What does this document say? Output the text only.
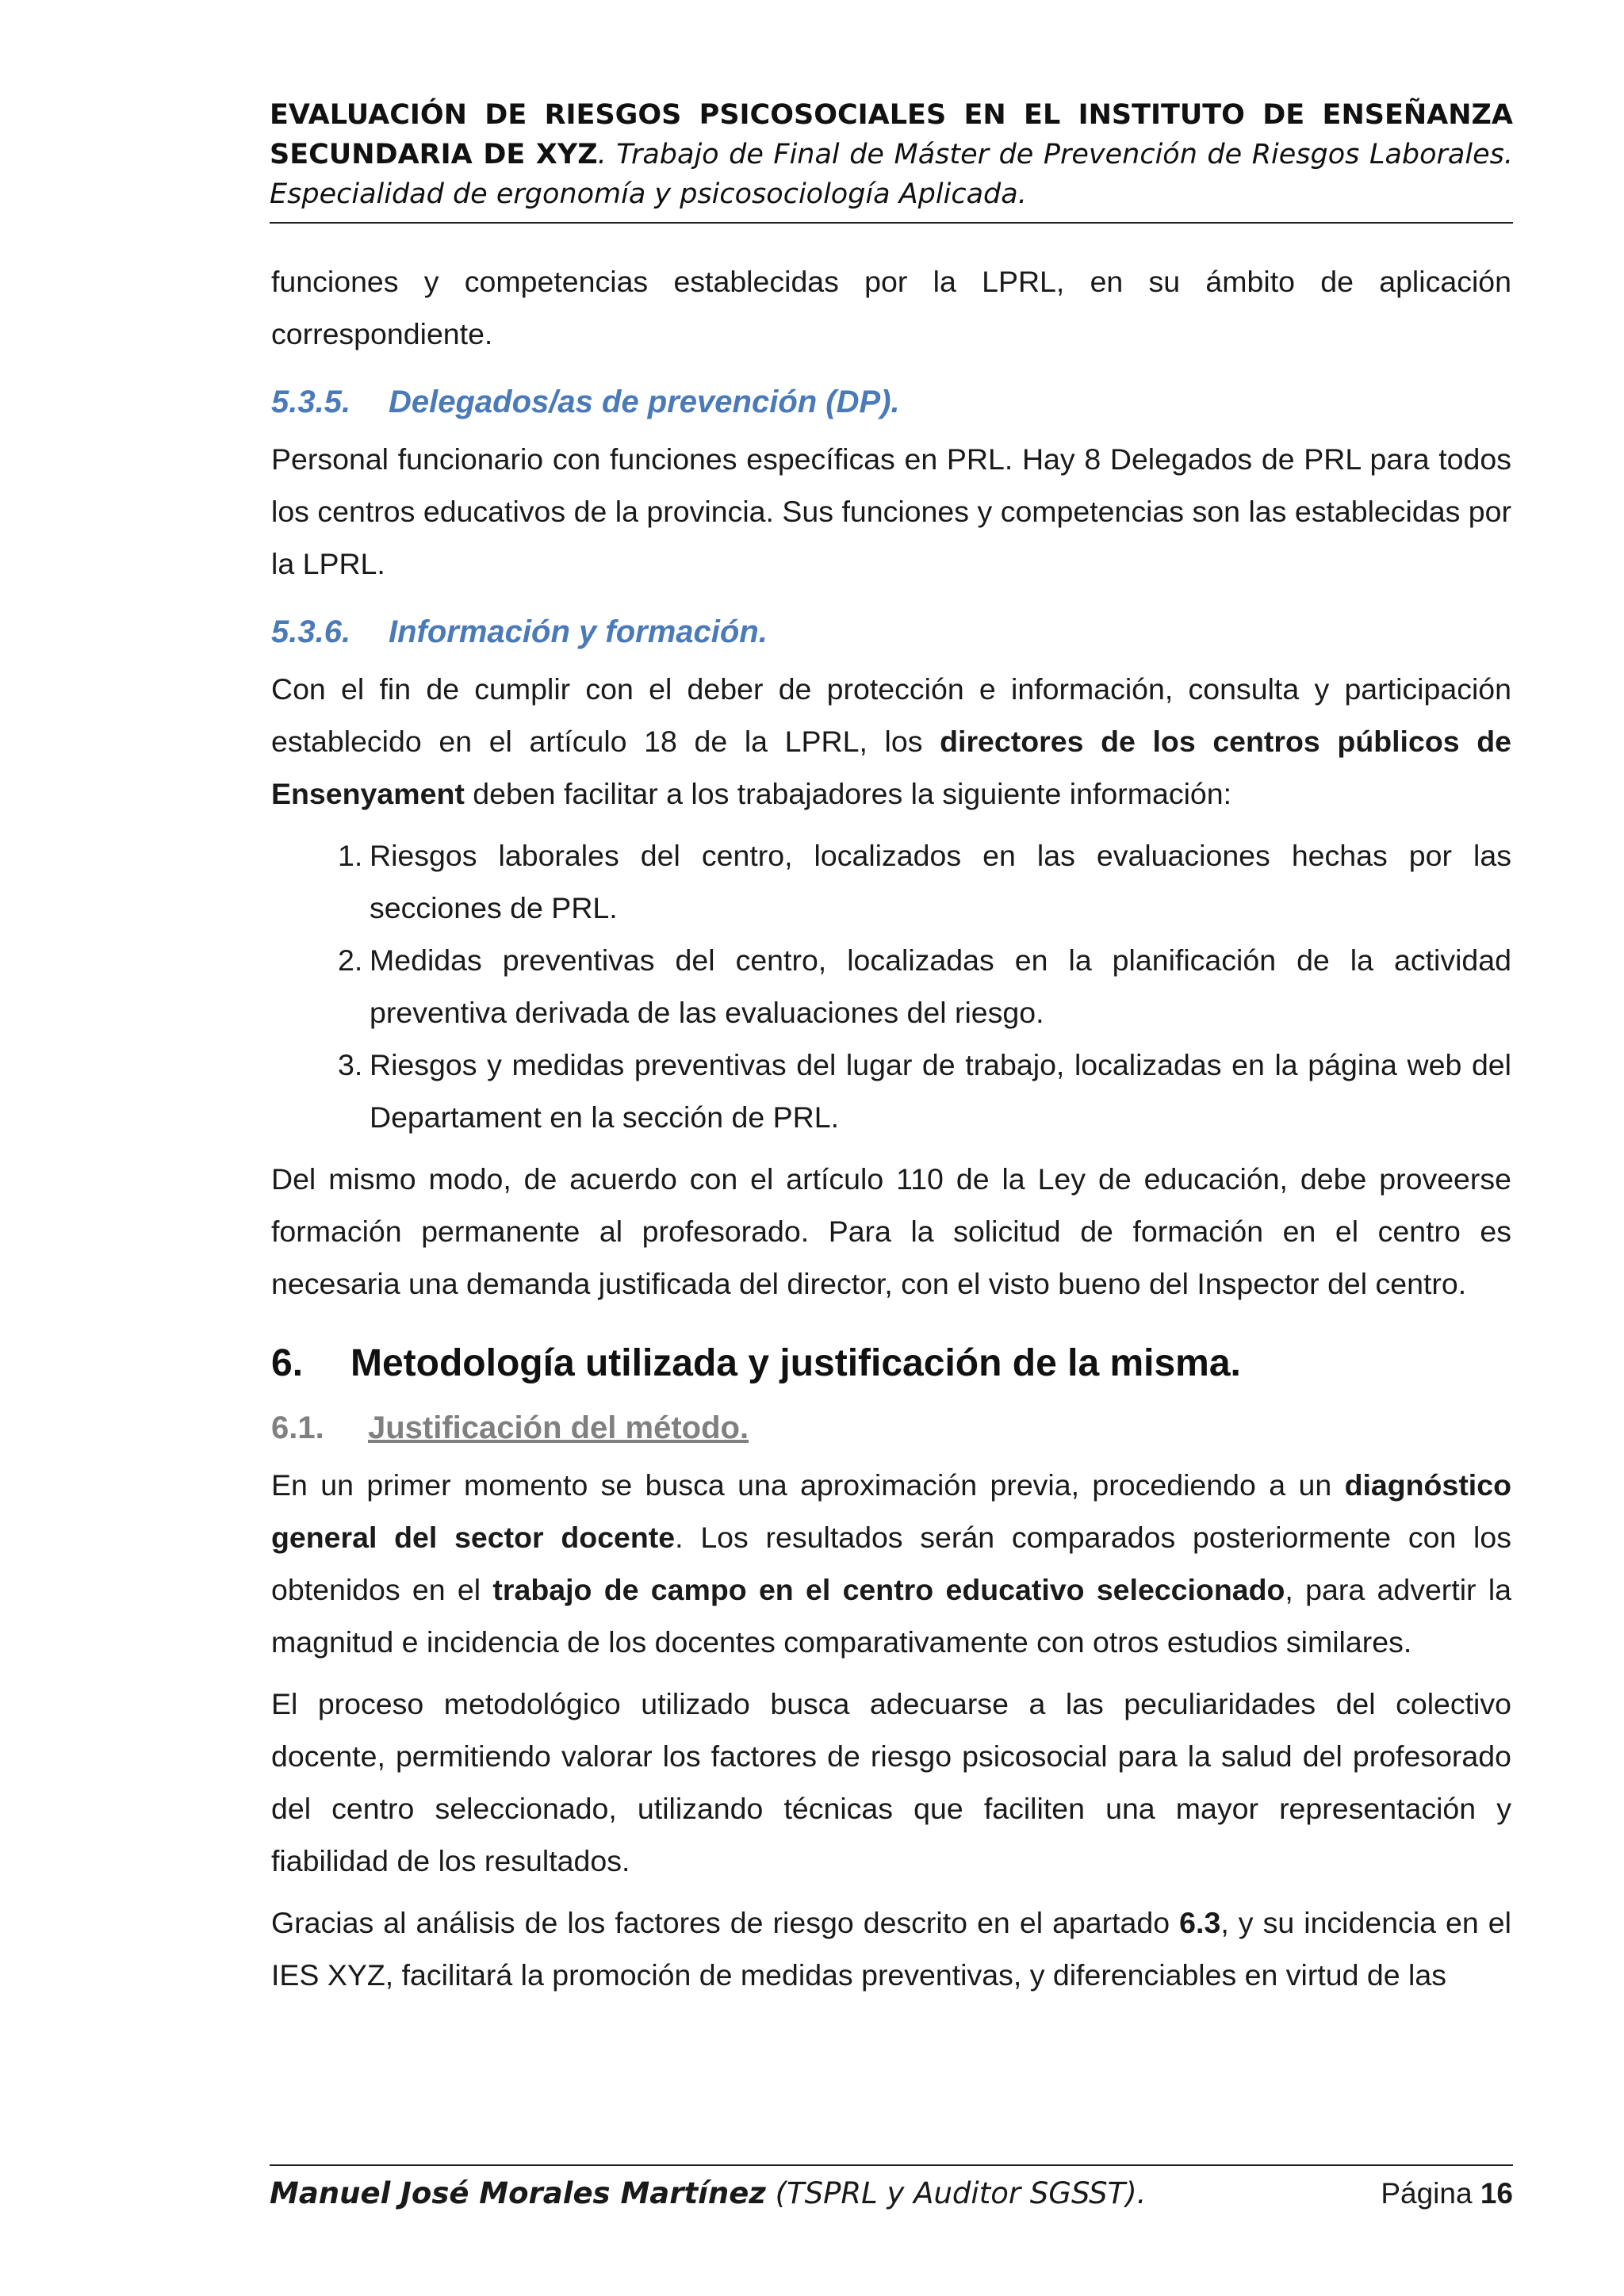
EVALUACIÓN DE RIESGOS PSICOSOCIALES EN EL INSTITUTO DE ENSEÑANZA SECUNDARIA DE XYZ. Trabajo de Final de Máster de Prevención de Riesgos Laborales. Especialidad de ergonomía y psicosociología Aplicada.

funciones y competencias establecidas por la LPRL, en su ámbito de aplicación correspondiente.

5.3.5.	Delegados/as de prevención (DP).

Personal funcionario con funciones específicas en PRL. Hay 8 Delegados de PRL para todos los centros educativos de la provincia. Sus funciones y competencias son las establecidas por la LPRL.

5.3.6.	Información y formación.

Con el fin de cumplir con el deber de protección e información, consulta y participación establecido en el artículo 18 de la LPRL, los directores de los centros públicos de Ensenyament deben facilitar a los trabajadores la siguiente información:

1. Riesgos laborales del centro, localizados en las evaluaciones hechas por las secciones de PRL.
2. Medidas preventivas del centro, localizadas en la planificación de la actividad preventiva derivada de las evaluaciones del riesgo.
3. Riesgos y medidas preventivas del lugar de trabajo, localizadas en la página web del Departament en la sección de PRL.

Del mismo modo, de acuerdo con el artículo 110 de la Ley de educación, debe proveerse formación permanente al profesorado. Para la solicitud de formación en el centro es necesaria una demanda justificada del director, con el visto bueno del Inspector del centro.

6.	Metodología utilizada y justificación de la misma.
6.1.	Justificación del método.

En un primer momento se busca una aproximación previa, procediendo a un diagnóstico general del sector docente. Los resultados serán comparados posteriormente con los obtenidos en el trabajo de campo en el centro educativo seleccionado, para advertir la magnitud e incidencia de los docentes comparativamente con otros estudios similares.

El proceso metodológico utilizado busca adecuarse a las peculiaridades del colectivo docente, permitiendo valorar los factores de riesgo psicosocial para la salud del profesorado del centro seleccionado, utilizando técnicas que faciliten una mayor representación y fiabilidad de los resultados.

Gracias al análisis de los factores de riesgo descrito en el apartado 6.3, y su incidencia en el IES XYZ, facilitará la promoción de medidas preventivas, y diferenciables en virtud de las

Manuel José Morales Martínez (TSPRL y Auditor SGSST).	Página 16
